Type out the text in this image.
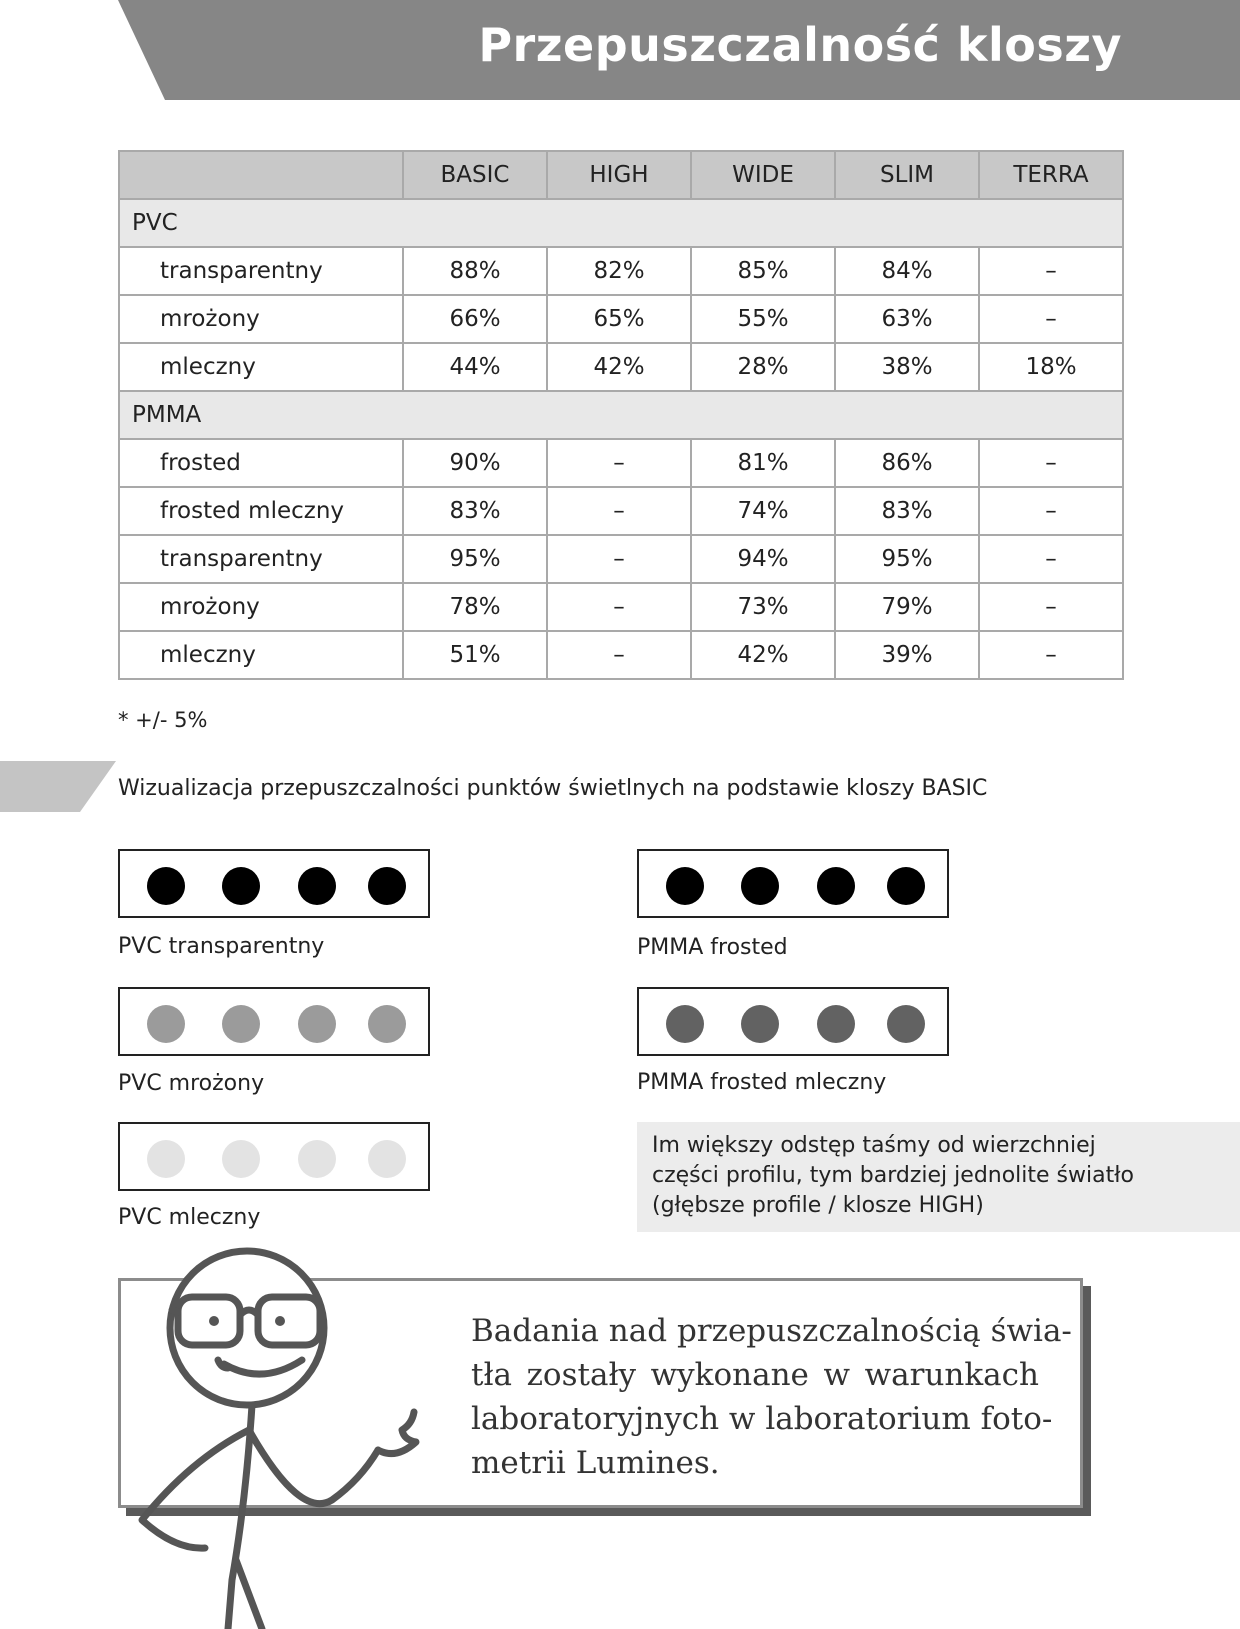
Przepuszczalność kloszy
	BASIC	HIGH	WIDE	SLIM	TERRA
PVC					
transparentny	88%	82%	85%	84%	–
mrożony	66%	65%	55%	63%	–
mleczny	44%	42%	28%	38%	18%
PMMA					
frosted	90%	–	81%	86%	–
frosted mleczny	83%	–	74%	83%	–
transparentny	95%	–	94%	95%	–
mrożony	78%	–	73%	79%	–
mleczny	51%	–	42%	39%	–
* +/- 5%
Wizualizacja przepuszczalności punktów świetlnych na podstawie kloszy BASIC
PVC transparentny
PVC mrożony
PVC mleczny
PMMA frosted
PMMA frosted mleczny
Im większy odstęp taśmy od wierzchniej
części profilu, tym bardziej jednolite światło
(głębsze profile / klosze HIGH)
Badania nad przepuszczalnością świa-
tła zostały wykonane w warunkach
laboratoryjnych w laboratorium foto-
metrii Lumines.
